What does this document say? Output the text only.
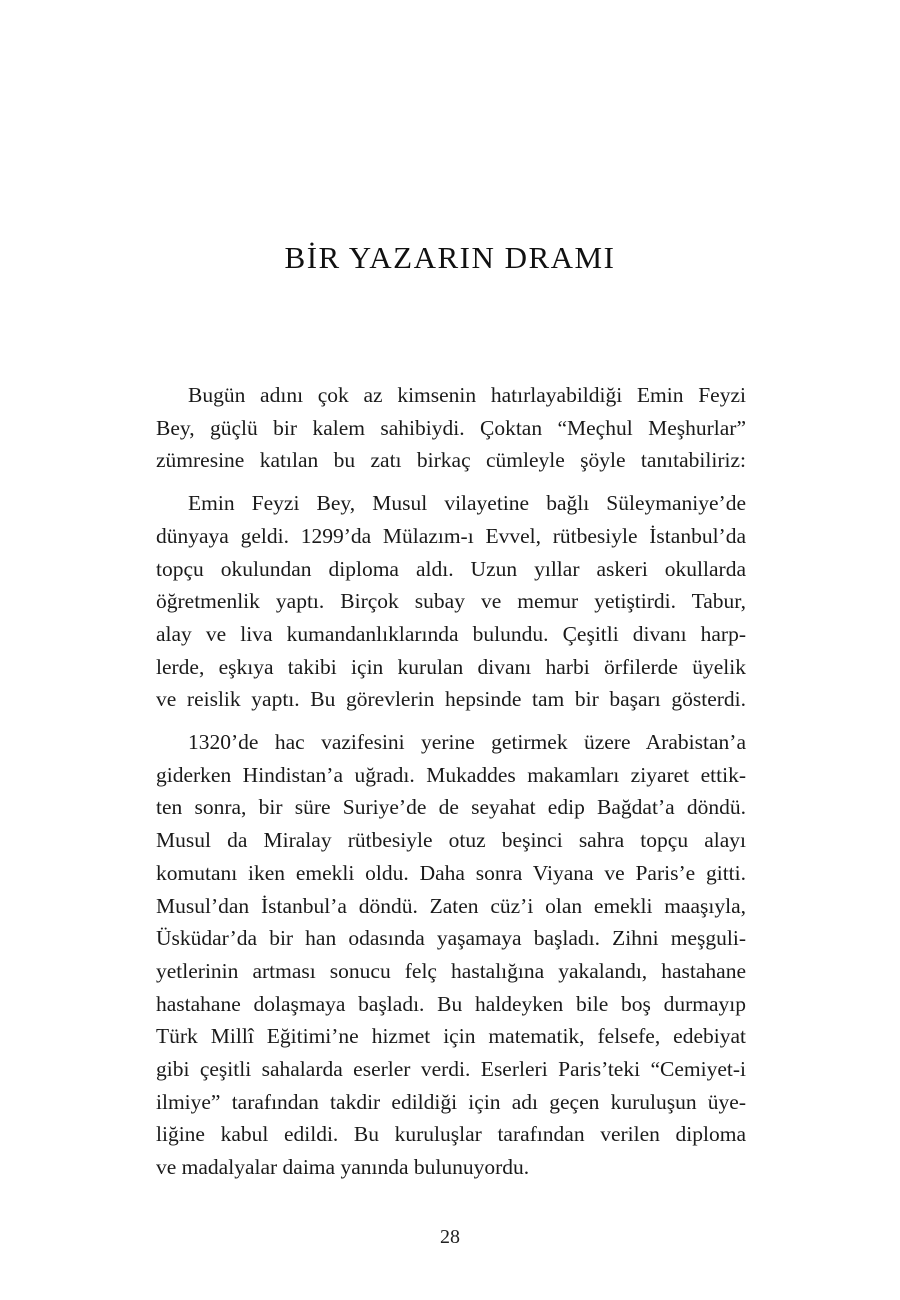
BİR YAZARIN DRAMI

Bugün adını çok az kimsenin hatırlayabildiği Emin Feyzi
Bey, güçlü bir kalem sahibiydi. Çoktan “Meçhul Meşhurlar”
zümresine katılan bu zatı birkaç cümleyle şöyle tanıtabiliriz:

Emin Feyzi Bey, Musul vilayetine bağlı Süleymaniye’de
dünyaya geldi. 1299’da Mülazım-ı Evvel, rütbesiyle İstanbul’da
topçu okulundan diploma aldı. Uzun yıllar askeri okullarda
öğretmenlik yaptı. Birçok subay ve memur yetiştirdi. Tabur,
alay ve liva kumandanlıklarında bulundu. Çeşitli divanı harp-
lerde, eşkıya takibi için kurulan divanı harbi örfilerde üyelik
ve reislik yaptı. Bu görevlerin hepsinde tam bir başarı gösterdi.

1320’de hac vazifesini yerine getirmek üzere Arabistan’a
giderken Hindistan’a uğradı. Mukaddes makamları ziyaret ettik-
ten sonra, bir süre Suriye’de de seyahat edip Bağdat’a döndü.
Musul da Miralay rütbesiyle otuz beşinci sahra topçu alayı
komutanı iken emekli oldu. Daha sonra Viyana ve Paris’e gitti.
Musul’dan İstanbul’a döndü. Zaten cüz’i olan emekli maaşıyla,
Üsküdar’da bir han odasında yaşamaya başladı. Zihni meşguli-
yetlerinin artması sonucu felç hastalığına yakalandı, hastahane
hastahane dolaşmaya başladı. Bu haldeyken bile boş durmayıp
Türk Millî Eğitimi’ne hizmet için matematik, felsefe, edebiyat
gibi çeşitli sahalarda eserler verdi. Eserleri Paris’teki “Cemiyet-i
ilmiye” tarafından takdir edildiği için adı geçen kuruluşun üye-
liğine kabul edildi. Bu kuruluşlar tarafından verilen diploma
ve madalyalar daima yanında bulunuyordu.

28
